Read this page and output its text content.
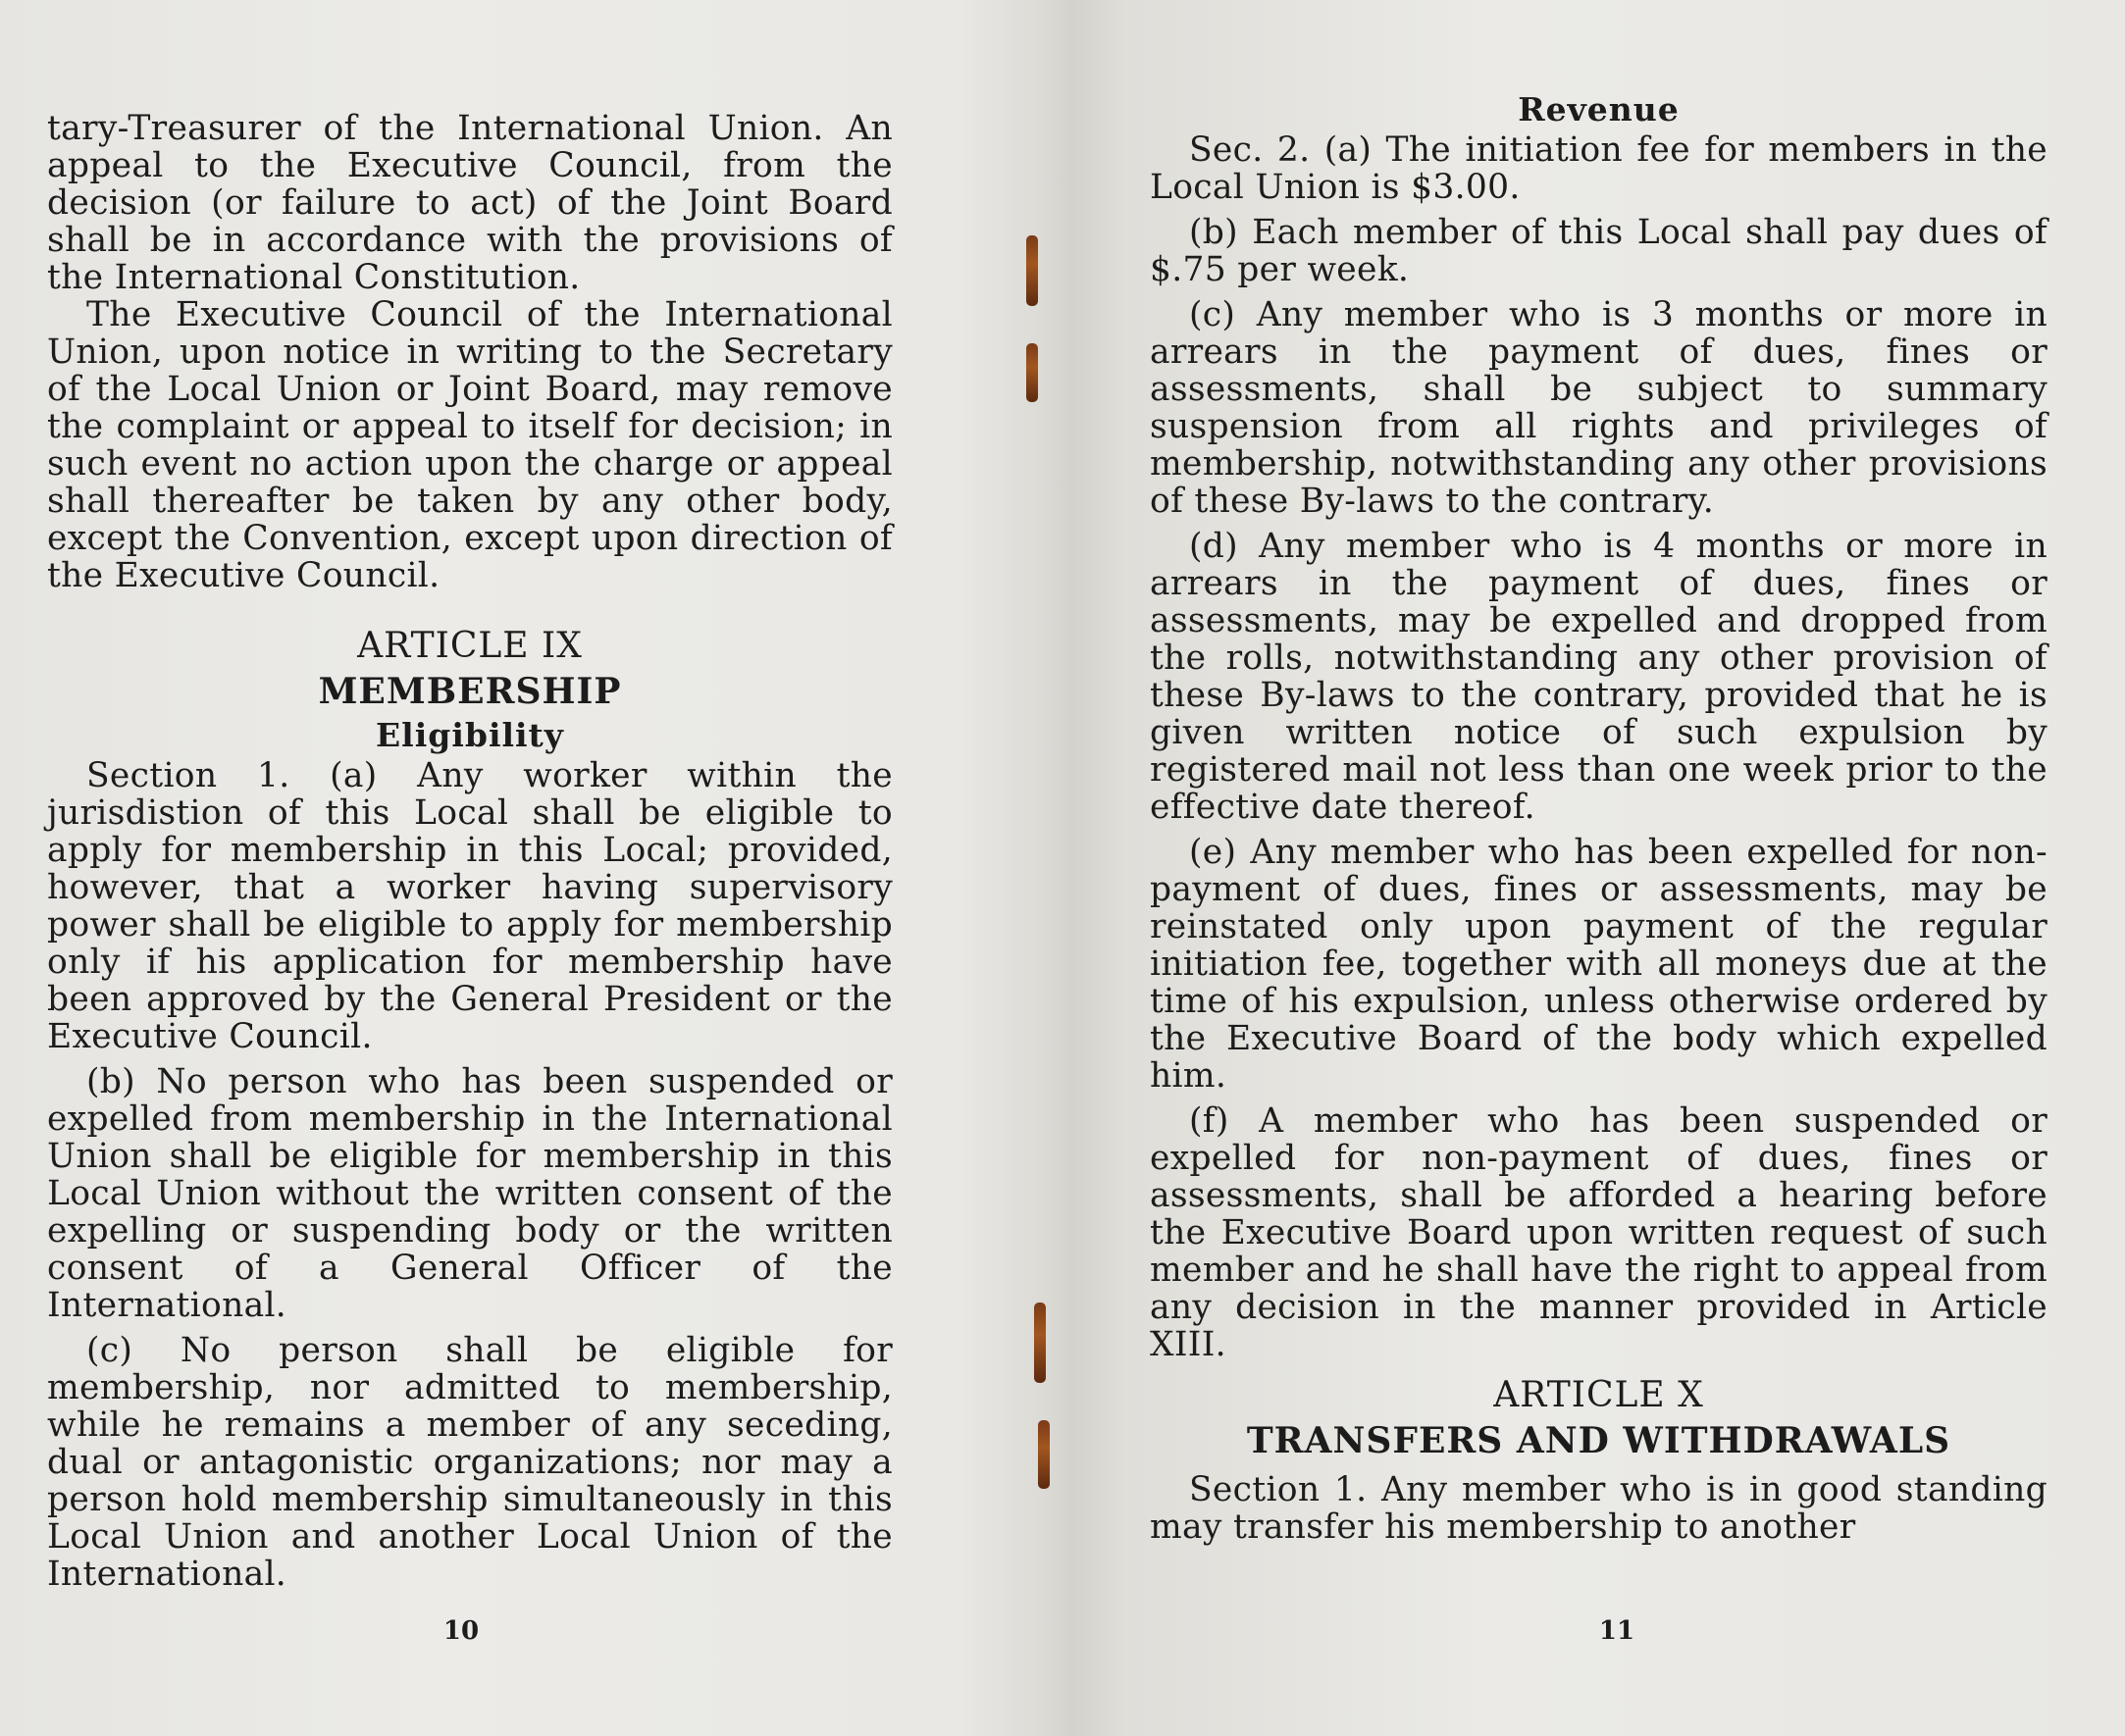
tary-Treasurer of the International Union. An appeal to the Executive Council, from the decision (or failure to act) of the Joint Board shall be in accordance with the provisions of the International Constitution.

The Executive Council of the International Union, upon notice in writing to the Secretary of the Local Union or Joint Board, may remove the complaint or appeal to itself for decision; in such event no action upon the charge or appeal shall thereafter be taken by any other body, except the Convention, except upon direction of the Executive Council.

ARTICLE IX
MEMBERSHIP
Eligibility

Section 1. (a) Any worker within the jurisdistion of this Local shall be eligible to apply for membership in this Local; provided, however, that a worker having supervisory power shall be eligible to apply for membership only if his application for membership have been approved by the General President or the Executive Council.

(b) No person who has been suspended or expelled from membership in the International Union shall be eligible for membership in this Local Union without the written consent of the expelling or suspending body or the written consent of a General Officer of the International.

(c) No person shall be eligible for membership, nor admitted to membership, while he remains a member of any seceding, dual or antagonistic organizations; nor may a person hold membership simultaneously in this Local Union and another Local Union of the International.

10
Revenue

Sec. 2. (a) The initiation fee for members in the Local Union is $3.00.

(b) Each member of this Local shall pay dues of $.75 per week.

(c) Any member who is 3 months or more in arrears in the payment of dues, fines or assessments, shall be subject to summary suspension from all rights and privileges of membership, notwithstanding any other provisions of these By-laws to the contrary.

(d) Any member who is 4 months or more in arrears in the payment of dues, fines or assessments, may be expelled and dropped from the rolls, notwithstanding any other provision of these By-laws to the contrary, provided that he is given written notice of such expulsion by registered mail not less than one week prior to the effective date thereof.

(e) Any member who has been expelled for non-payment of dues, fines or assessments, may be reinstated only upon payment of the regular initiation fee, together with all moneys due at the time of his expulsion, unless otherwise ordered by the Executive Board of the body which expelled him.

(f) A member who has been suspended or expelled for non-payment of dues, fines or assessments, shall be afforded a hearing before the Executive Board upon written request of such member and he shall have the right to appeal from any decision in the manner provided in Article XIII.

ARTICLE X
TRANSFERS AND WITHDRAWALS

Section 1. Any member who is in good standing may transfer his membership to another

11
